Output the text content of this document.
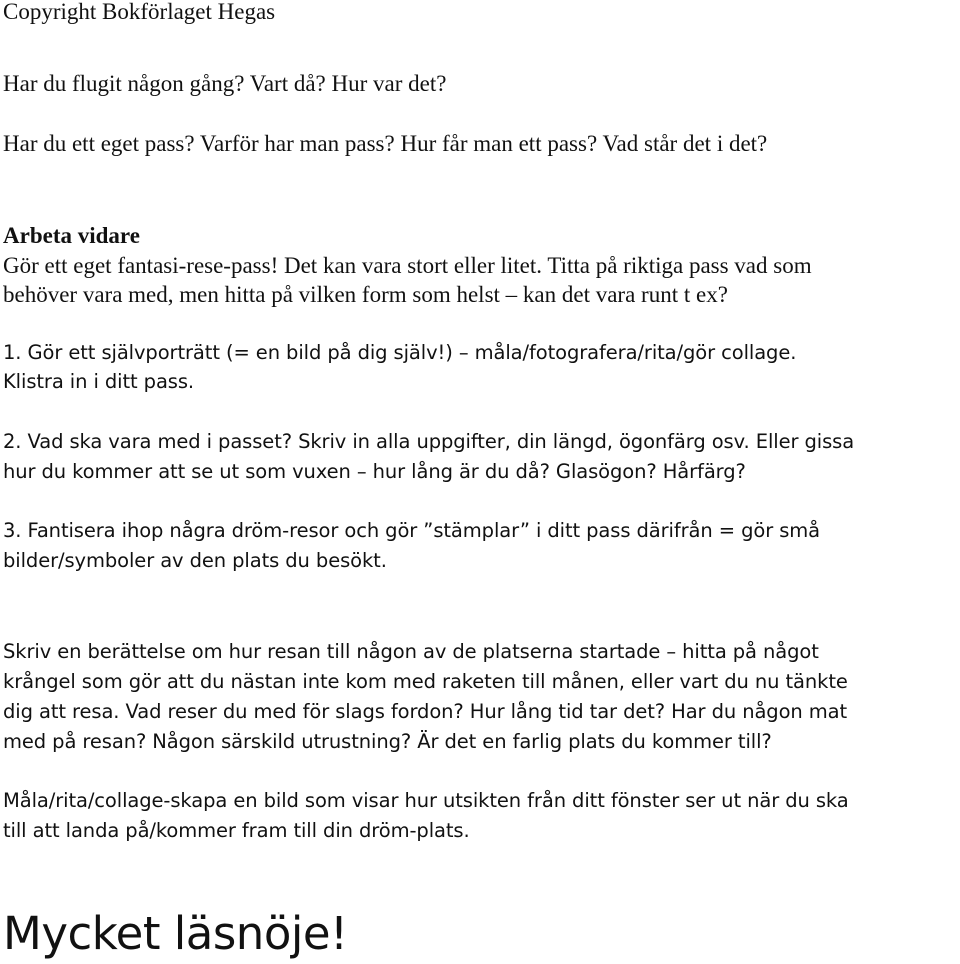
Copyright Bokförlaget Hegas

Har du flugit någon gång? Vart då? Hur var det?

Har du ett eget pass? Varför har man pass? Hur får man ett pass? Vad står det i det?

Arbeta vidare

Gör ett eget fantasi-rese-pass! Det kan vara stort eller litet. Titta på riktiga pass vad som

behöver vara med, men hitta på vilken form som helst – kan det vara runt t ex?

1. Gör ett självporträtt (= en bild på dig själv!) – måla/fotografera/rita/gör collage.

Klistra in i ditt pass.

2. Vad ska vara med i passet? Skriv in alla uppgifter, din längd, ögonfärg osv. Eller gissa

hur du kommer att se ut som vuxen – hur lång är du då? Glasögon? Hårfärg?

3. Fantisera ihop några dröm-resor och gör ”stämplar” i ditt pass därifrån = gör små

bilder/symboler av den plats du besökt.

Skriv en berättelse om hur resan till någon av de platserna startade – hitta på något

krångel som gör att du nästan inte kom med raketen till månen, eller vart du nu tänkte

dig att resa. Vad reser du med för slags fordon? Hur lång tid tar det? Har du någon mat

med på resan? Någon särskild utrustning? Är det en farlig plats du kommer till?

Måla/rita/collage-skapa en bild som visar hur utsikten från ditt fönster ser ut när du ska

till att landa på/kommer fram till din dröm-plats.

Mycket läsnöje!
